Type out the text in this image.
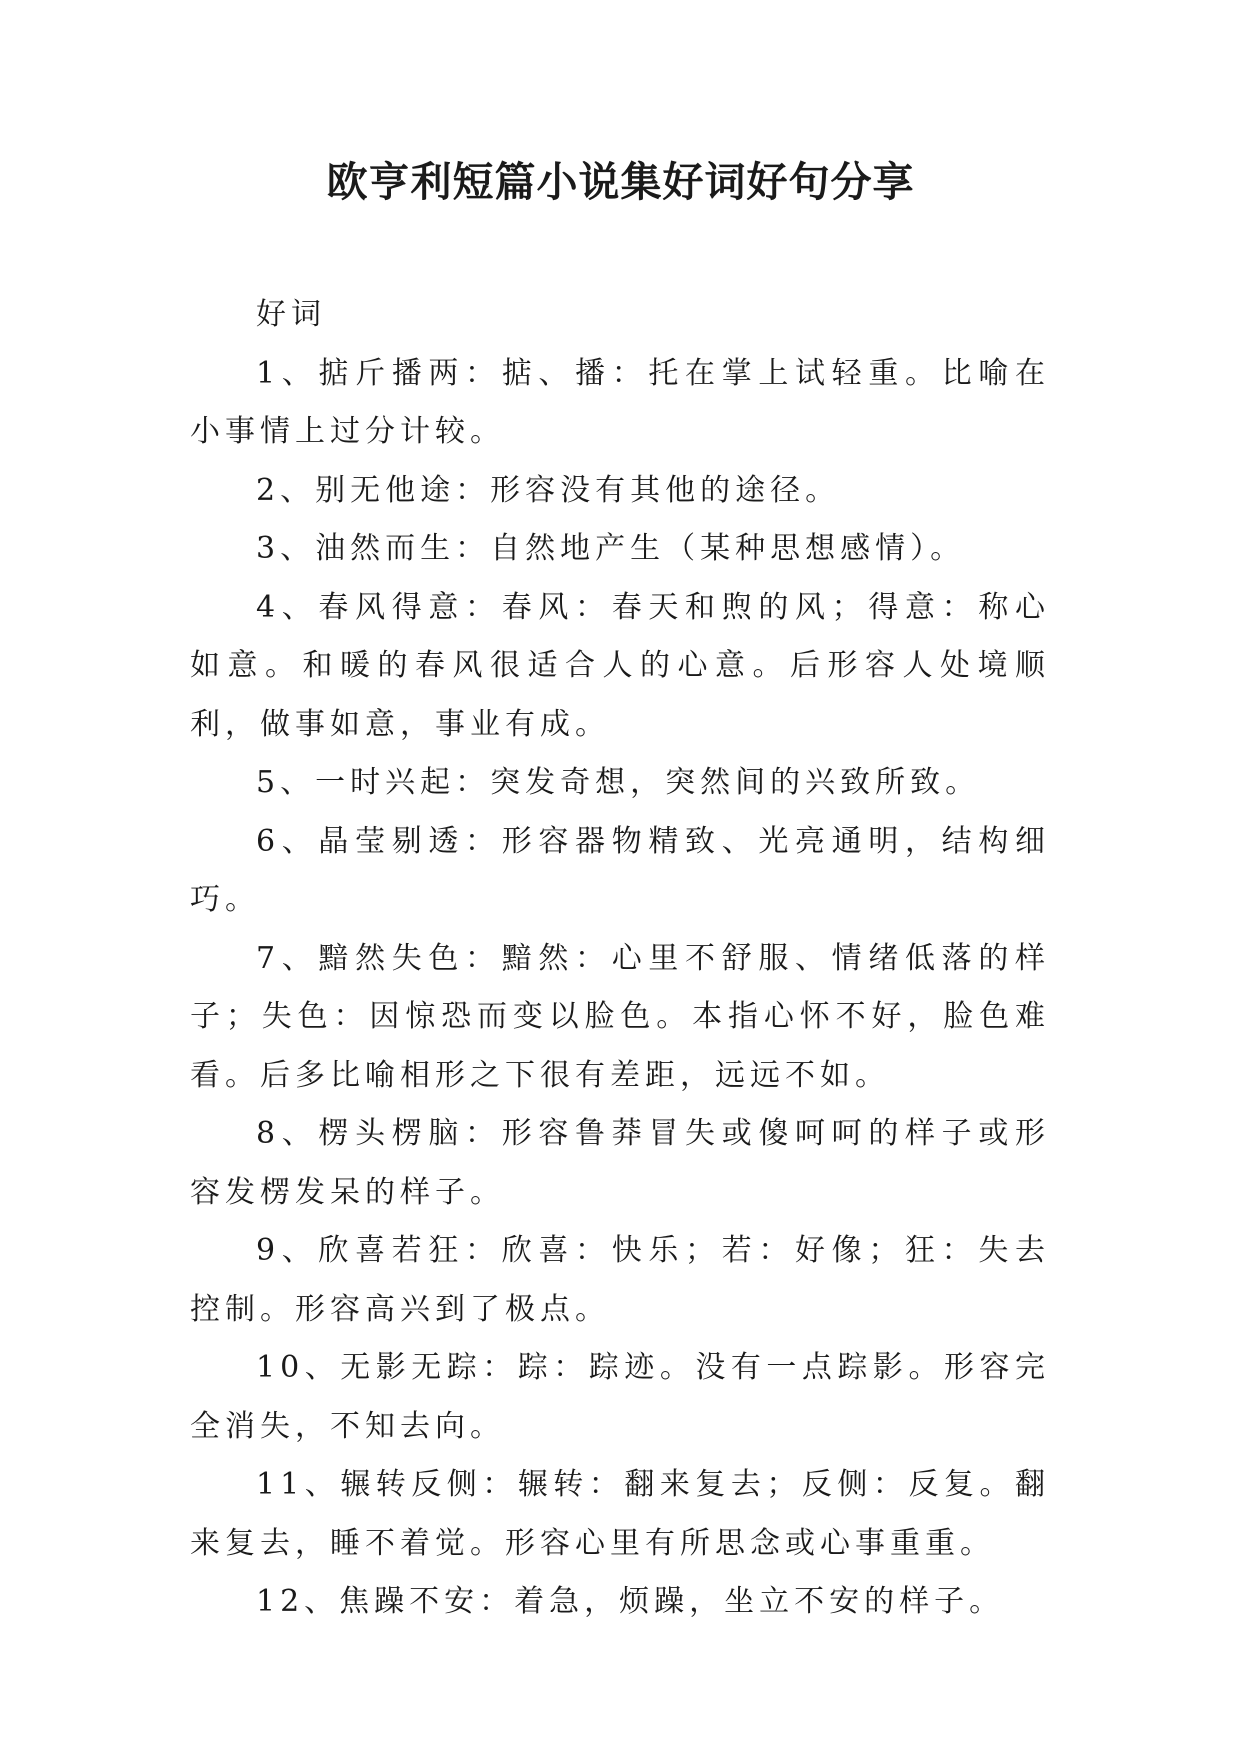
欧亨利短篇小说集好词好句分享

好词

1、掂斤播两：掂、播：托在掌上试轻重。比喻在小事情上过分计较。

2、别无他途：形容没有其他的途径。

3、油然而生：自然地产生（某种思想感情）。

4、春风得意：春风：春天和煦的风；得意：称心如意。和暖的春风很适合人的心意。后形容人处境顺利，做事如意，事业有成。

5、一时兴起：突发奇想，突然间的兴致所致。

6、晶莹剔透：形容器物精致、光亮通明，结构细巧。

7、黯然失色：黯然：心里不舒服、情绪低落的样子；失色：因惊恐而变以脸色。本指心怀不好，脸色难看。后多比喻相形之下很有差距，远远不如。

8、楞头楞脑：形容鲁莽冒失或傻呵呵的样子或形容发楞发呆的样子。

9、欣喜若狂：欣喜：快乐；若：好像；狂：失去控制。形容高兴到了极点。

10、无影无踪：踪：踪迹。没有一点踪影。形容完全消失，不知去向。

11、辗转反侧：辗转：翻来复去；反侧：反复。翻来复去，睡不着觉。形容心里有所思念或心事重重。

12、焦躁不安：着急，烦躁，坐立不安的样子。
